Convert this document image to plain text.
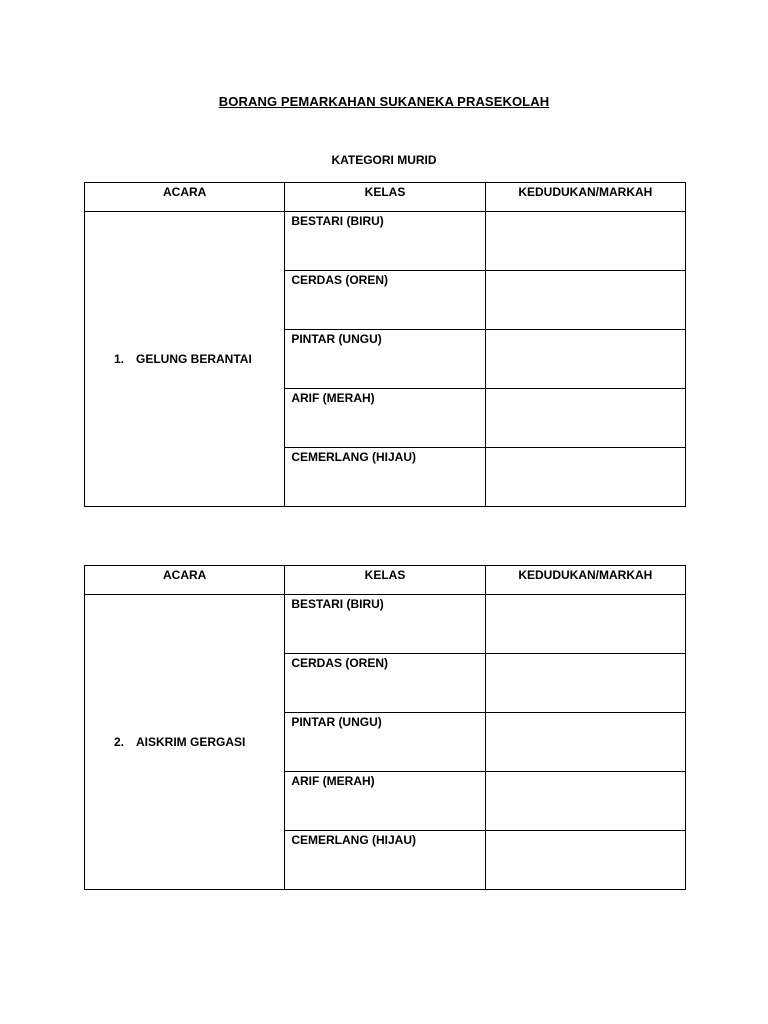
BORANG PEMARKAHAN SUKANEKA PRASEKOLAH
KATEGORI MURID
ACARA	KELAS	KEDUDUKAN/MARKAH
1. GELUNG BERANTAI	BESTARI (BIRU)	
	CERDAS (OREN)	
	PINTAR (UNGU)	
	ARIF (MERAH)	
	CEMERLANG (HIJAU)	
ACARA	KELAS	KEDUDUKAN/MARKAH
2. AISKRIM GERGASI	BESTARI (BIRU)	
	CERDAS (OREN)	
	PINTAR (UNGU)	
	ARIF (MERAH)	
	CEMERLANG (HIJAU)	
